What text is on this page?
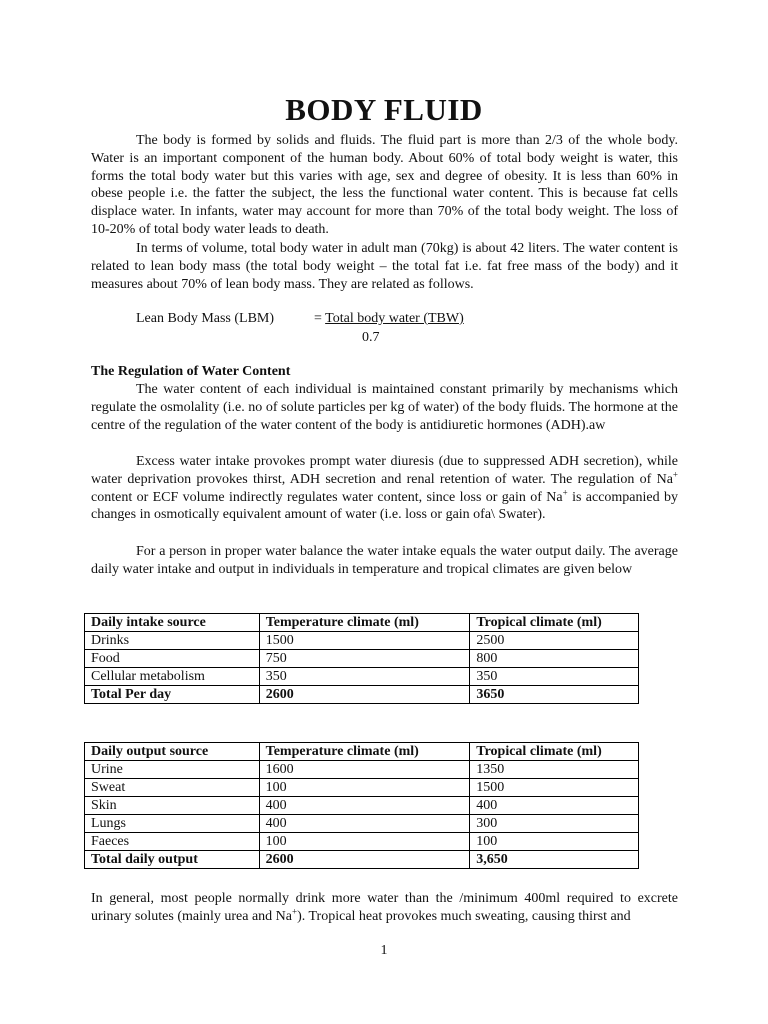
BODY FLUID

The body is formed by solids and fluids. The fluid part is more than 2/3 of the whole body. Water is an important component of the human body. About 60% of total body weight is water, this forms the total body water but this varies with age, sex and degree of obesity. It is less than 60% in obese people i.e. the fatter the subject, the less the functional water content. This is because fat cells displace water. In infants, water may account for more than 70% of the total body weight. The loss of 10-20% of total body water leads to death.

In terms of volume, total body water in adult man (70kg) is about 42 liters. The water content is related to lean body mass (the total body weight – the total fat i.e. fat free mass of the body) and it measures about 70% of lean body mass. They are related as follows.

Lean Body Mass (LBM)	= Total body water (TBW)
0.7
The Regulation of Water Content

The water content of each individual is maintained constant primarily by mechanisms which regulate the osmolality (i.e. no of solute particles per kg of water) of the body fluids. The hormone at the centre of the regulation of the water content of the body is antidiuretic hormones (ADH).aw

Excess water intake provokes prompt water diuresis (due to suppressed ADH secretion), while water deprivation provokes thirst, ADH secretion and renal retention of water. The regulation of Na+ content or ECF volume indirectly regulates water content, since loss or gain of Na+ is accompanied by changes in osmotically equivalent amount of water (i.e. loss or gain ofa\ Swater).

For a person in proper water balance the water intake equals the water output daily. The average daily water intake and output in individuals in temperature and tropical climates are given below

Daily intake source	Temperature climate (ml)	Tropical climate (ml)
Drinks	1500	2500
Food	750	800
Cellular metabolism	350	350
Total Per day	2600	3650
Daily output source	Temperature climate (ml)	Tropical climate (ml)
Urine	1600	1350
Sweat	100	1500
Skin	400	400
Lungs	400	300
Faeces	100	100
Total daily output	2600	3,650

In general, most people normally drink more water than the /minimum 400ml required to excrete urinary solutes (mainly urea and Na+). Tropical heat provokes much sweating, causing thirst and

1
